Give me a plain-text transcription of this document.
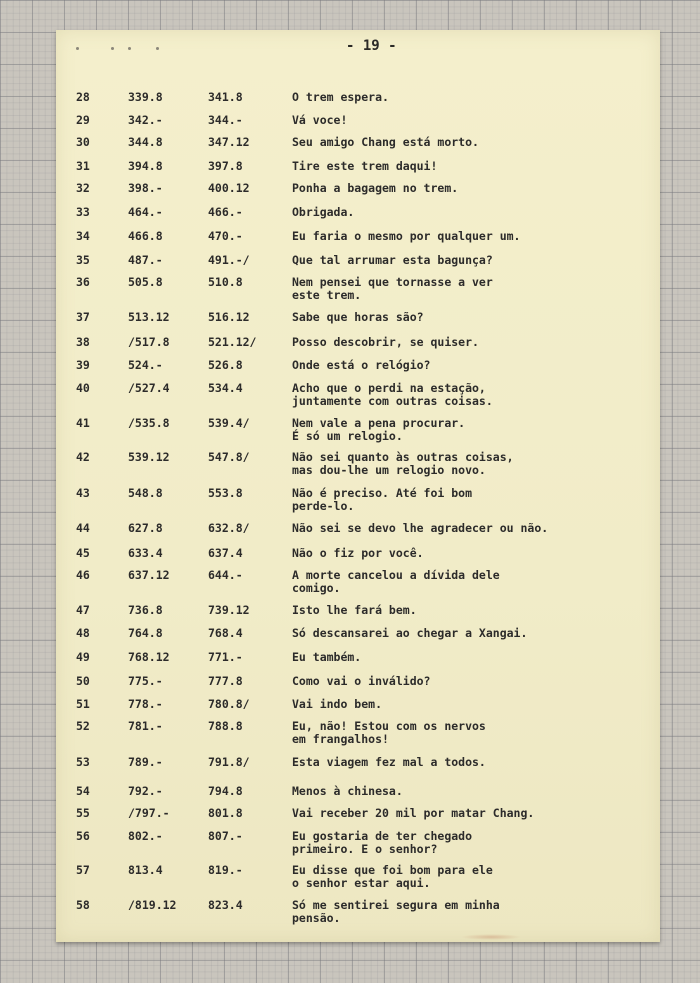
- 19 -
28	339.8	341.8	O trem espera.
29	342.-	344.-	Vá voce!
30	344.8	347.12	Seu amigo Chang está morto.
31	394.8	397.8	Tire este trem daqui!
32	398.-	400.12	Ponha a bagagem no trem.
33	464.-	466.-	Obrigada.
34	466.8	470.-	Eu faria o mesmo por qualquer um.
35	487.-	491.-/	Que tal arrumar esta bagunça?
36	505.8	510.8	Nem pensei que tornasse a ver
este trem.
37	513.12	516.12	Sabe que horas são?
38	/517.8	521.12/	Posso descobrir, se quiser.
39	524.-	526.8	Onde está o relógio?
40	/527.4	534.4	Acho que o perdi na estação,
juntamente com outras coisas.
41	/535.8	539.4/	Nem vale a pena procurar.
É só um relogio.
42	539.12	547.8/	Não sei quanto às outras coisas,
mas dou-lhe um relogio novo.
43	548.8	553.8	Não é preciso. Até foi bom
perde-lo.
44	627.8	632.8/	Não sei se devo lhe agradecer ou não.
45	633.4	637.4	Não o fiz por você.
46	637.12	644.-	A morte cancelou a dívida dele
comigo.
47	736.8	739.12	Isto lhe fará bem.
48	764.8	768.4	Só descansarei ao chegar a Xangai.
49	768.12	771.-	Eu também.
50	775.-	777.8	Como vai o inválido?
51	778.-	780.8/	Vai indo bem.
52	781.-	788.8	Eu, não! Estou com os nervos
em frangalhos!
53	789.-	791.8/	Esta viagem fez mal a todos.
54	792.-	794.8	Menos à chinesa.
55	/797.-	801.8	Vai receber 20 mil por matar Chang.
56	802.-	807.-	Eu gostaria de ter chegado
primeiro. E o senhor?
57	813.4	819.-	Eu disse que foi bom para ele
o senhor estar aqui.
58	/819.12	823.4	Só me sentirei segura em minha
pensão.
